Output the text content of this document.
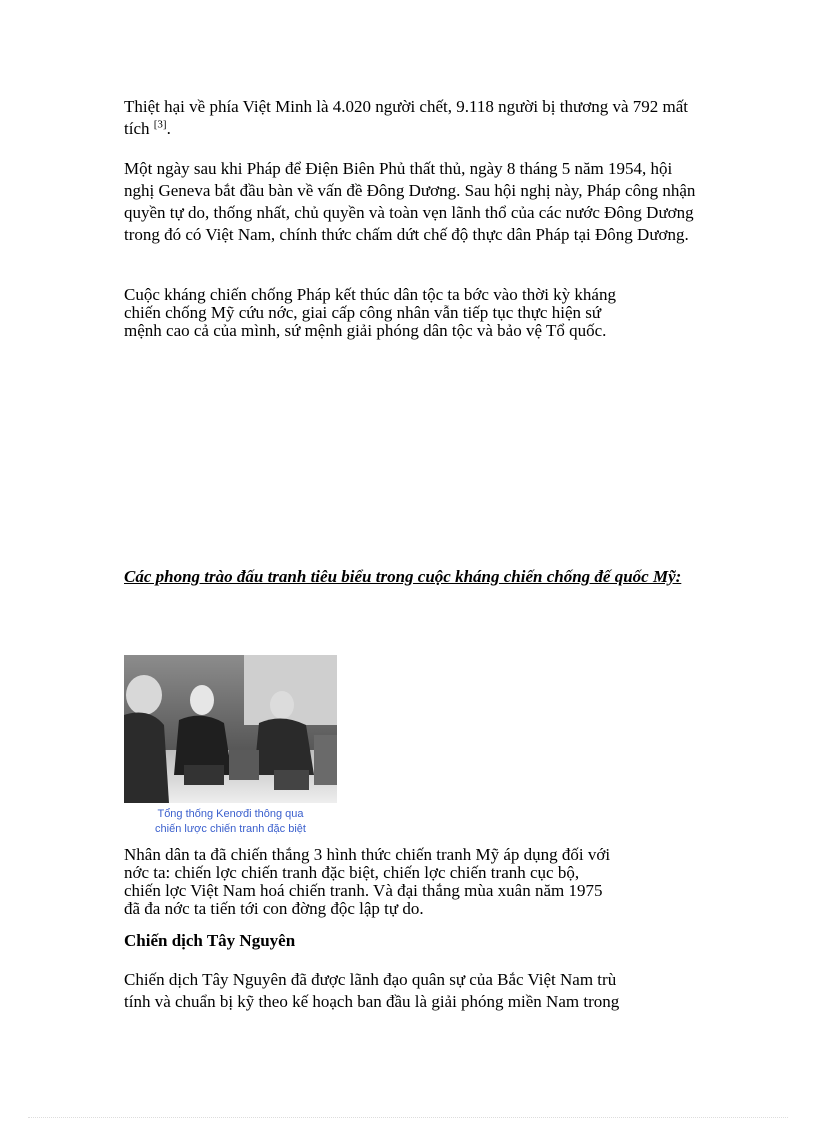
Thiệt hại về phía Việt Minh là 4.020 người chết, 9.118 người bị thương và 792 mất tích [3].

Một ngày sau khi Pháp để Điện Biên Phủ thất thủ, ngày 8 tháng 5 năm 1954, hội nghị Geneva bắt đầu bàn về vấn đề Đông Dương. Sau hội nghị này, Pháp công nhận quyền tự do, thống nhất, chủ quyền và toàn vẹn lãnh thổ của các nước Đông Dương trong đó có Việt Nam, chính thức chấm dứt chế độ thực dân Pháp tại Đông Dương.

Cuộc kháng chiến chống Pháp kết thúc dân tộc ta bớc vào thời kỳ kháng
chiến chống Mỹ cứu nớc, giai cấp công nhân vẫn tiếp tục thực hiện sứ
mệnh cao cả của mình, sứ mệnh giải phóng dân tộc và bảo vệ Tổ quốc.

Các phong trào đấu tranh tiêu biểu trong cuộc kháng chiến chống đế quốc Mỹ:

Tổng thống Kenơđi thông qua
chiến lược chiến tranh đặc biệt

Nhân dân ta đã chiến thắng 3 hình thức chiến tranh Mỹ áp dụng đối với
nớc ta: chiến lợc chiến tranh đặc biệt, chiến lợc chiến tranh cục bộ,
chiến lợc Việt Nam hoá chiến tranh. Và đại thắng mùa xuân năm 1975
đã đa nớc ta tiến tới con đờng độc lập tự do.

Chiến dịch Tây Nguyên

Chiến dịch Tây Nguyên đã được lãnh đạo quân sự của Bắc Việt Nam trù
tính và chuẩn bị kỹ theo kế hoạch ban đầu là giải phóng miền Nam trong
